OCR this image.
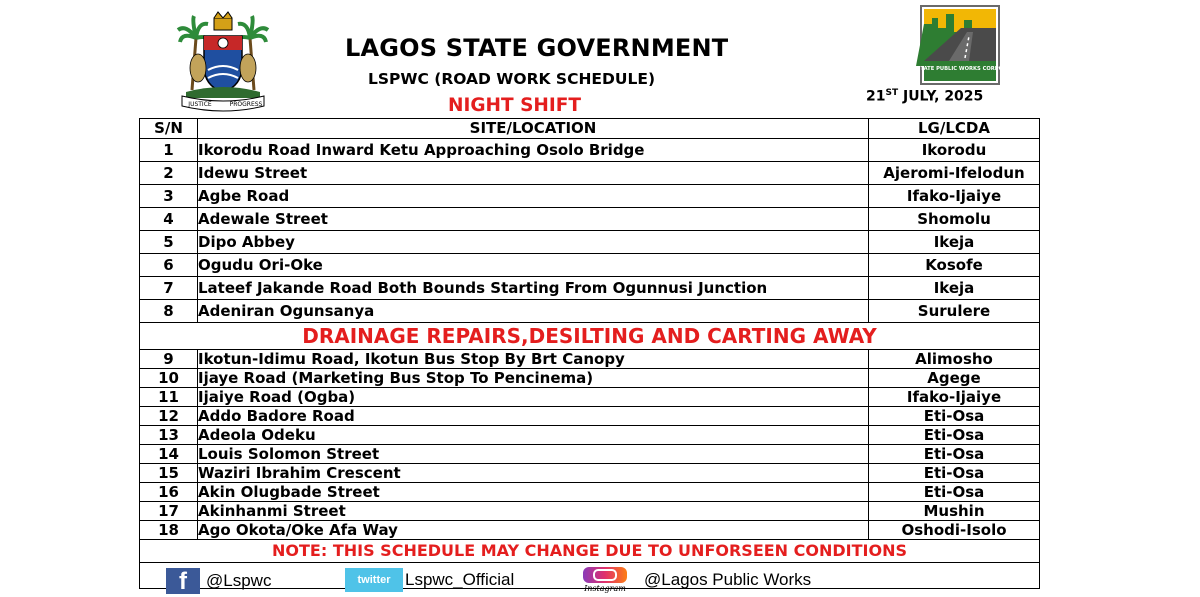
JUSTICE	PROGRESS
LAGOS STATE PUBLIC WORKS CORPORATION
LAGOS STATE GOVERNMENT
LSPWC (ROAD WORK SCHEDULE)
NIGHT SHIFT	21ST JULY, 2025
S/N	SITE/LOCATION	LG/LCDA
1	Ikorodu Road Inward Ketu Approaching Osolo Bridge	Ikorodu
2	Idewu Street	Ajeromi-Ifelodun
3	Agbe Road	Ifako-Ijaiye
4	Adewale Street	Shomolu
5	Dipo Abbey	Ikeja
6	Ogudu Ori-Oke	Kosofe
7	Lateef Jakande Road Both Bounds Starting From Ogunnusi Junction	Ikeja
8	Adeniran Ogunsanya	Surulere
DRAINAGE REPAIRS,DESILTING AND CARTING AWAY		
9	Ikotun-Idimu Road, Ikotun Bus Stop By Brt Canopy	Alimosho
10	Ijaye Road (Marketing Bus Stop To Pencinema)	Agege
11	Ijaiye Road (Ogba)	Ifako-Ijaiye
12	Addo Badore Road	Eti-Osa
13	Adeola Odeku	Eti-Osa
14	Louis Solomon Street	Eti-Osa
15	Waziri Ibrahim Crescent	Eti-Osa
16	Akin Olugbade Street	Eti-Osa
17	Akinhanmi Street	Mushin
18	Ago Okota/Oke Afa Way	Oshodi-Isolo
NOTE: THIS SCHEDULE MAY CHANGE DUE TO UNFORSEEN CONDITIONS		

f	@Lspwc	twitter Lspwc_Official	Instagram @Lagos Public Works
